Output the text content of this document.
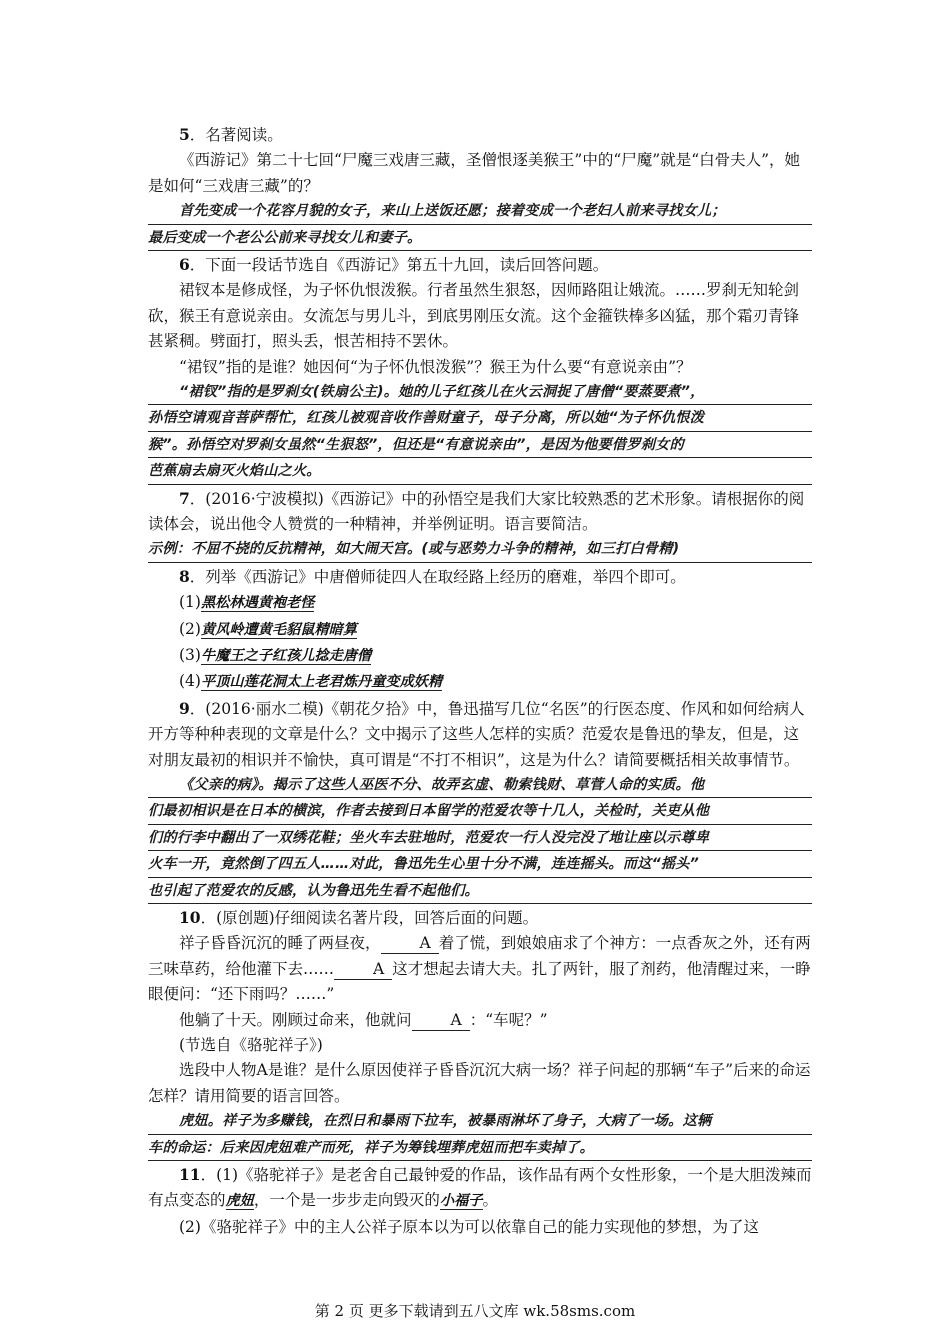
5．名著阅读。

《西游记》第二十七回“尸魔三戏唐三藏，圣僧恨逐美猴王”中的“尸魔”就是“白骨夫人”，她是如何“三戏唐三藏”的？

首先变成一个花容月貌的女子，来山上送饭还愿；接着变成一个老妇人前来寻找女儿；
最后变成一个老公公前来寻找女儿和妻子。

6．下面一段话节选自《西游记》第五十九回，读后回答问题。

裙钗本是修成怪，为子怀仇恨泼猴。行者虽然生狠怒，因师路阻让娥流。……罗刹无知轮剑砍，猴王有意说亲由。女流怎与男儿斗，到底男刚压女流。这个金箍铁棒多凶猛，那个霜刃青锋甚紧稠。劈面打，照头丢，恨苦相持不罢休。

“裙钗”指的是谁？她因何“为子怀仇恨泼猴”？猴王为什么要“有意说亲由”？

“裙钗”指的是罗刹女(铁扇公主)。她的儿子红孩儿在火云洞捉了唐僧“要蒸要煮”，
孙悟空请观音菩萨帮忙，红孩儿被观音收作善财童子，母子分离，所以她“为子怀仇恨泼
猴”。孙悟空对罗刹女虽然“生狠怒”，但还是“有意说亲由”，是因为他要借罗刹女的
芭蕉扇去扇灭火焰山之火。

7．(2016·宁波模拟)《西游记》中的孙悟空是我们大家比较熟悉的艺术形象。请根据你的阅读体会，说出他令人赞赏的一种精神，并举例证明。语言要简洁。

示例：不屈不挠的反抗精神，如大闹天宫。(或与恶势力斗争的精神，如三打白骨精)

8．列举《西游记》中唐僧师徒四人在取经路上经历的磨难，举四个即可。

(1)黑松林遇黄袍老怪

(2)黄风岭遭黄毛貂鼠精暗算

(3)牛魔王之子红孩儿捻走唐僧

(4)平顶山莲花洞太上老君炼丹童变成妖精

9．(2016·丽水二模)《朝花夕拾》中，鲁迅描写几位“名医”的行医态度、作风和如何给病人开方等种种表现的文章是什么？文中揭示了这些人怎样的实质？范爱农是鲁迅的挚友，但是，这对朋友最初的相识并不愉快，真可谓是“不打不相识”，这是为什么？请简要概括相关故事情节。

《父亲的病》。揭示了这些人巫医不分、故弄玄虚、勒索钱财、草菅人命的实质。他
们最初相识是在日本的横滨，作者去接到日本留学的范爱农等十几人，关检时，关吏从他
们的行李中翻出了一双绣花鞋；坐火车去驻地时，范爱农一行人没完没了地让座以示尊卑
火车一开，竟然倒了四五人……对此，鲁迅先生心里十分不满，连连摇头。而这“摇头”
也引起了范爱农的反感，认为鲁迅先生看不起他们。

10．(原创题)仔细阅读名著片段，回答后面的问题。

祥子昏昏沉沉的睡了两昼夜，	A 着了慌，到娘娘庙求了个神方：一点香灰之外，还有两三味草药，给他灌下去……	A 这才想起去请大夫。扎了两针，服了剂药，他清醒过来，一睁眼便问：“还下雨吗？……”

他躺了十天。刚顾过命来，他就问	A ：“车呢？”

(节选自《骆驼祥子》)

选段中人物A是谁？是什么原因使祥子昏昏沉沉大病一场？祥子问起的那辆“车子”后来的命运怎样？请用简要的语言回答。

虎妞。祥子为多赚钱，在烈日和暴雨下拉车，被暴雨淋坏了身子，大病了一场。这辆
车的命运：后来因虎妞难产而死，祥子为筹钱埋葬虎妞而把车卖掉了。

11．(1)《骆驼祥子》是老舍自己最钟爱的作品，该作品有两个女性形象，一个是大胆泼辣而有点变态的虎妞，一个是一步步走向毁灭的小福子。

(2)《骆驼祥子》中的主人公祥子原本以为可以依靠自己的能力实现他的梦想，为了这

第 2 页 更多下载请到五八文库 wk.58sms.com
